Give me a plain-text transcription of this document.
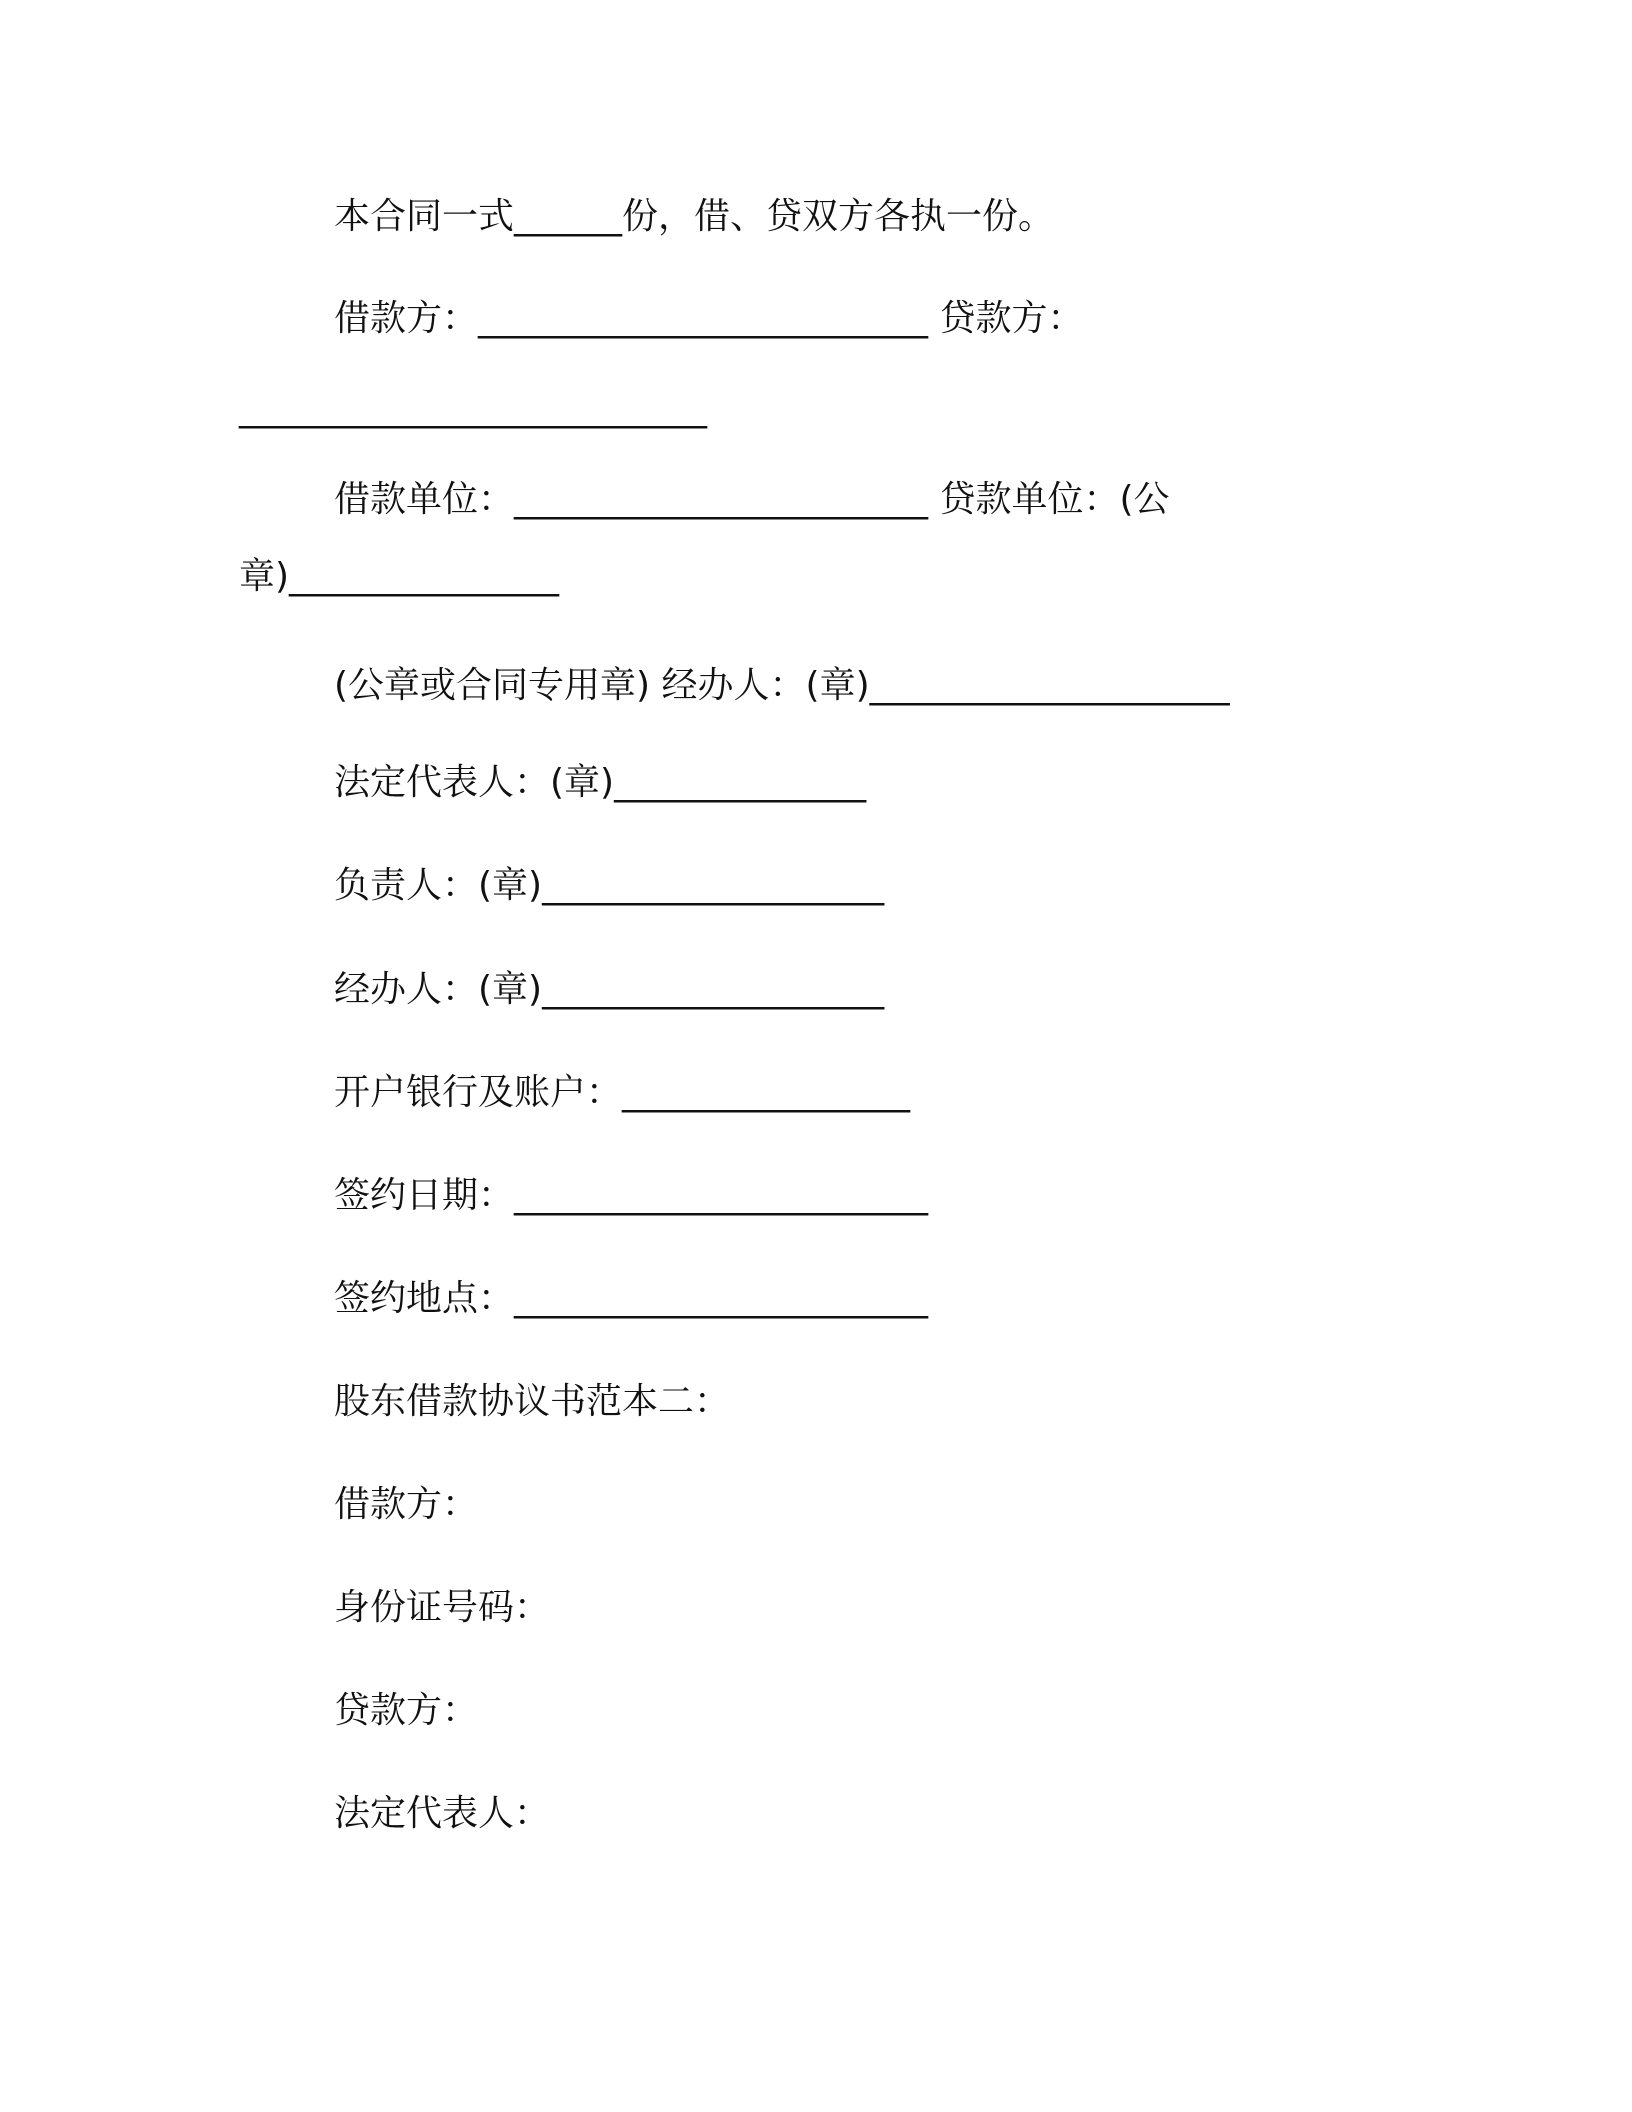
本合同一式______份，借、贷双方各执一份。
借款方：_________________________ 贷款方：
__________________________
借款单位：_______________________ 贷款单位：(公
章)_______________
(公章或合同专用章) 经办人：(章)____________________
法定代表人：(章)______________
负责人：(章)___________________
经办人：(章)___________________
开户银行及账户：________________
签约日期：_______________________
签约地点：_______________________
股东借款协议书范本二：
借款方：
身份证号码：
贷款方：
法定代表人：
